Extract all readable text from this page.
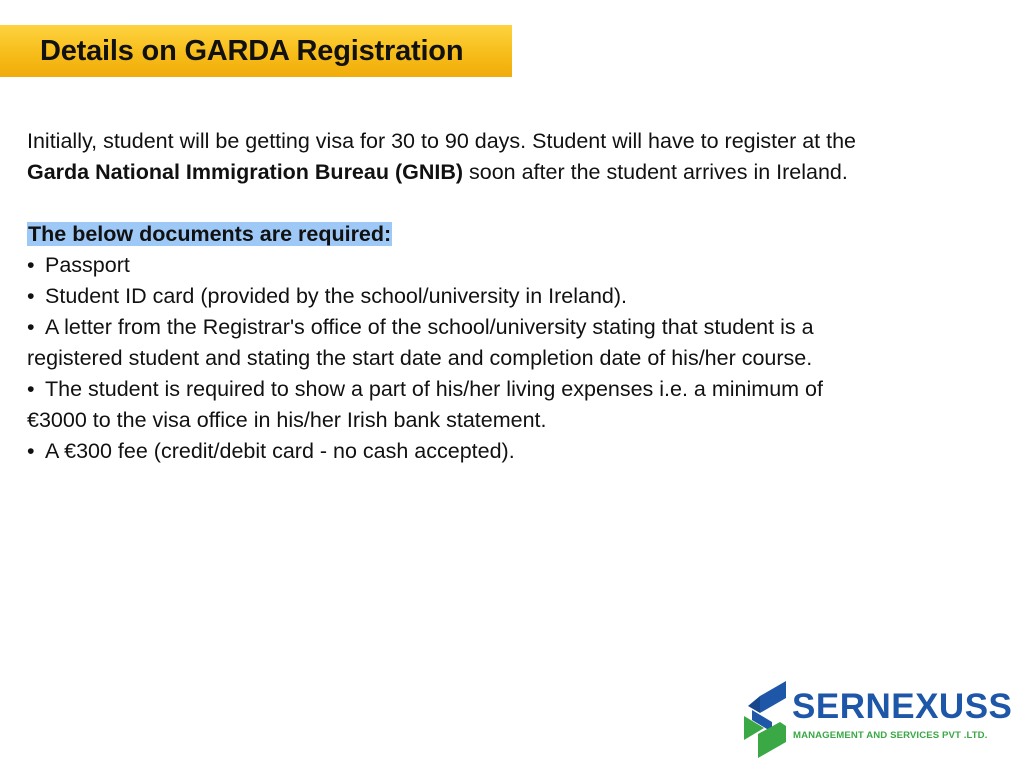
Details on GARDA Registration

Initially, student will be getting visa for 30 to 90 days. Student will have to register at the
Garda National Immigration Bureau (GNIB) soon after the student arrives in Ireland.

The below documents are required:

• Passport
• Student ID card (provided by the school/university in Ireland).
• A letter from the Registrar's office of the school/university stating that student is a
registered student and stating the start date and completion date of his/her course.
• The student is required to show a part of his/her living expenses i.e. a minimum of
€3000 to the visa office in his/her Irish bank statement.
• A €300 fee (credit/debit card - no cash accepted).
SERNEXUSS
MANAGEMENT AND SERVICES PVT .LTD.
